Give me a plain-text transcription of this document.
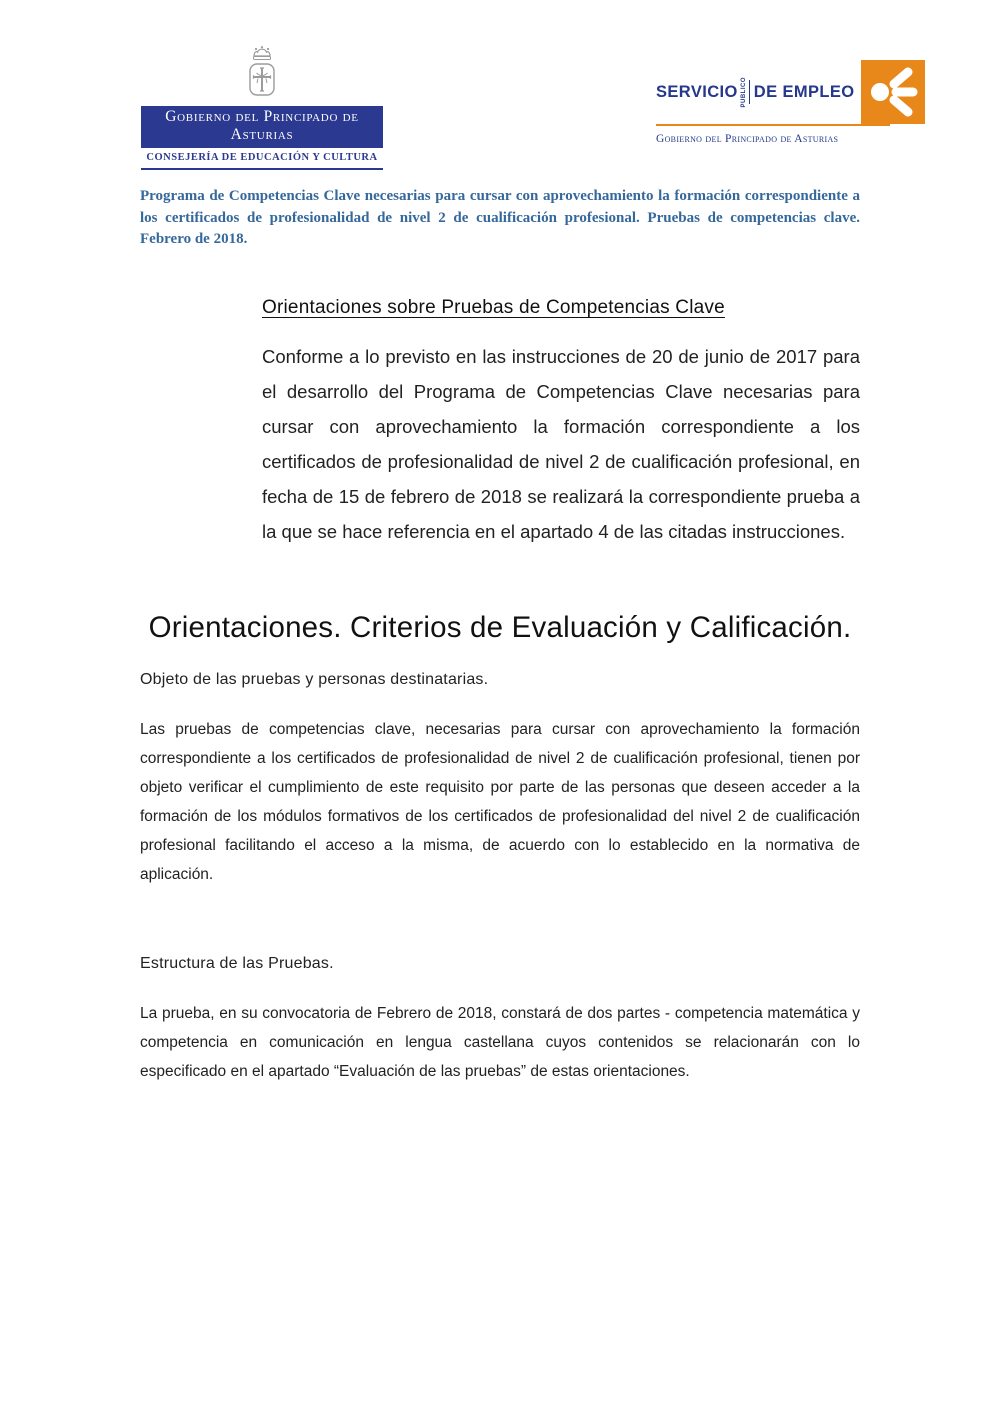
Gobierno del Principado de Asturias
CONSEJERÍA DE EDUCACIÓN Y CULTURA
SERVICIO PÚBLICO DE EMPLEO
Gobierno del Principado de Asturias

Programa de Competencias Clave necesarias para cursar con aprovechamiento la formación correspondiente a los certificados de profesionalidad de nivel 2 de cualificación profesional. Pruebas de competencias clave. Febrero de 2018.

Orientaciones sobre Pruebas de Competencias Clave

Conforme a lo previsto en las instrucciones de 20 de junio de 2017 para el desarrollo del Programa de Competencias Clave necesarias para cursar con aprovechamiento la formación correspondiente a los certificados de profesionalidad de nivel 2 de cualificación profesional, en fecha de 15 de febrero de 2018 se realizará la correspondiente prueba a la que se hace referencia en el apartado 4 de las citadas instrucciones.

Orientaciones. Criterios de Evaluación y Calificación.
Objeto de las pruebas y personas destinatarias.

Las pruebas de competencias clave, necesarias para cursar con aprovechamiento la formación correspondiente a los certificados de profesionalidad de nivel 2 de cualificación profesional, tienen por objeto verificar el cumplimiento de este requisito por parte de las personas que deseen acceder a la formación de los módulos formativos de los certificados de profesionalidad del nivel 2 de cualificación profesional facilitando el acceso a la misma, de acuerdo con lo establecido en la normativa de aplicación.

Estructura de las Pruebas.

La prueba, en su convocatoria de Febrero de 2018, constará de dos partes - competencia matemática y competencia en comunicación en lengua castellana cuyos contenidos se relacionarán con lo especificado en el apartado “Evaluación de las pruebas” de estas orientaciones.
